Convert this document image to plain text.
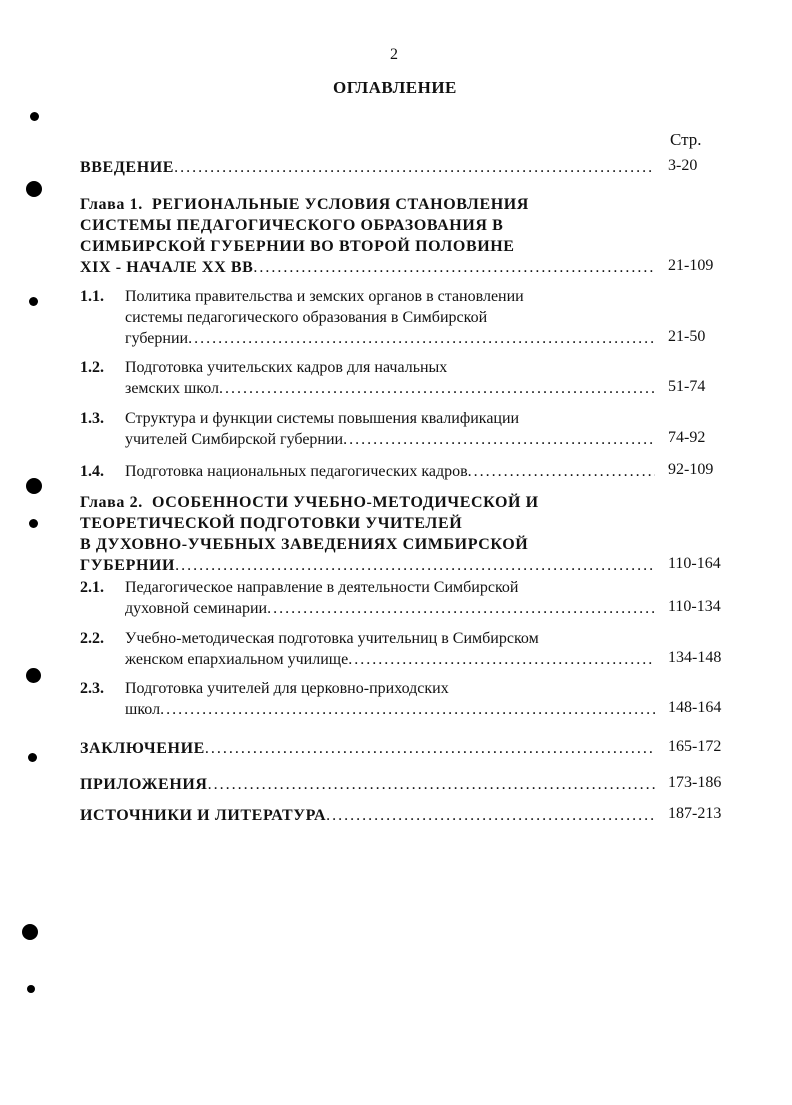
2
ОГЛАВЛЕНИЕ
Стр.
ВВЕДЕНИЕ . . .	3-20
Глава 1. РЕГИОНАЛЬНЫЕ УСЛОВИЯ СТАНОВЛЕНИЯ
СИСТЕМЫ ПЕДАГОГИЧЕСКОГО ОБРАЗОВАНИЯ В
СИМБИРСКОЙ ГУБЕРНИИ ВО ВТОРОЙ ПОЛОВИНЕ
XIX - НАЧАЛЕ XX ВВ . . .	21-109
1.1. Политика правительства и земских органов в становлении
системы педагогического образования в Симбирской
губернии . . .	21-50
1.2. Подготовка учительских кадров для начальных
земских школ . . .	51-74
1.3. Структура и функции системы повышения квалификации
учителей Симбирской губернии . . .	74-92
1.4. Подготовка национальных педагогических кадров . . .	92-109
Глава 2. ОСОБЕННОСТИ УЧЕБНО-МЕТОДИЧЕСКОЙ И
ТЕОРЕТИЧЕСКОЙ ПОДГОТОВКИ УЧИТЕЛЕЙ
В ДУХОВНО-УЧЕБНЫХ ЗАВЕДЕНИЯХ СИМБИРСКОЙ
ГУБЕРНИИ . . .	110-164
2.1. Педагогическое направление в деятельности Симбирской
духовной семинарии . . .	110-134
2.2. Учебно-методическая подготовка учительниц в Симбирском
женском епархиальном училище . . .	134-148
2.3. Подготовка учителей для церковно-приходских
школ . . .	148-164
ЗАКЛЮЧЕНИЕ . . .	165-172
ПРИЛОЖЕНИЯ . . .	173-186
ИСТОЧНИКИ И ЛИТЕРАТУРА . . .	187-213
